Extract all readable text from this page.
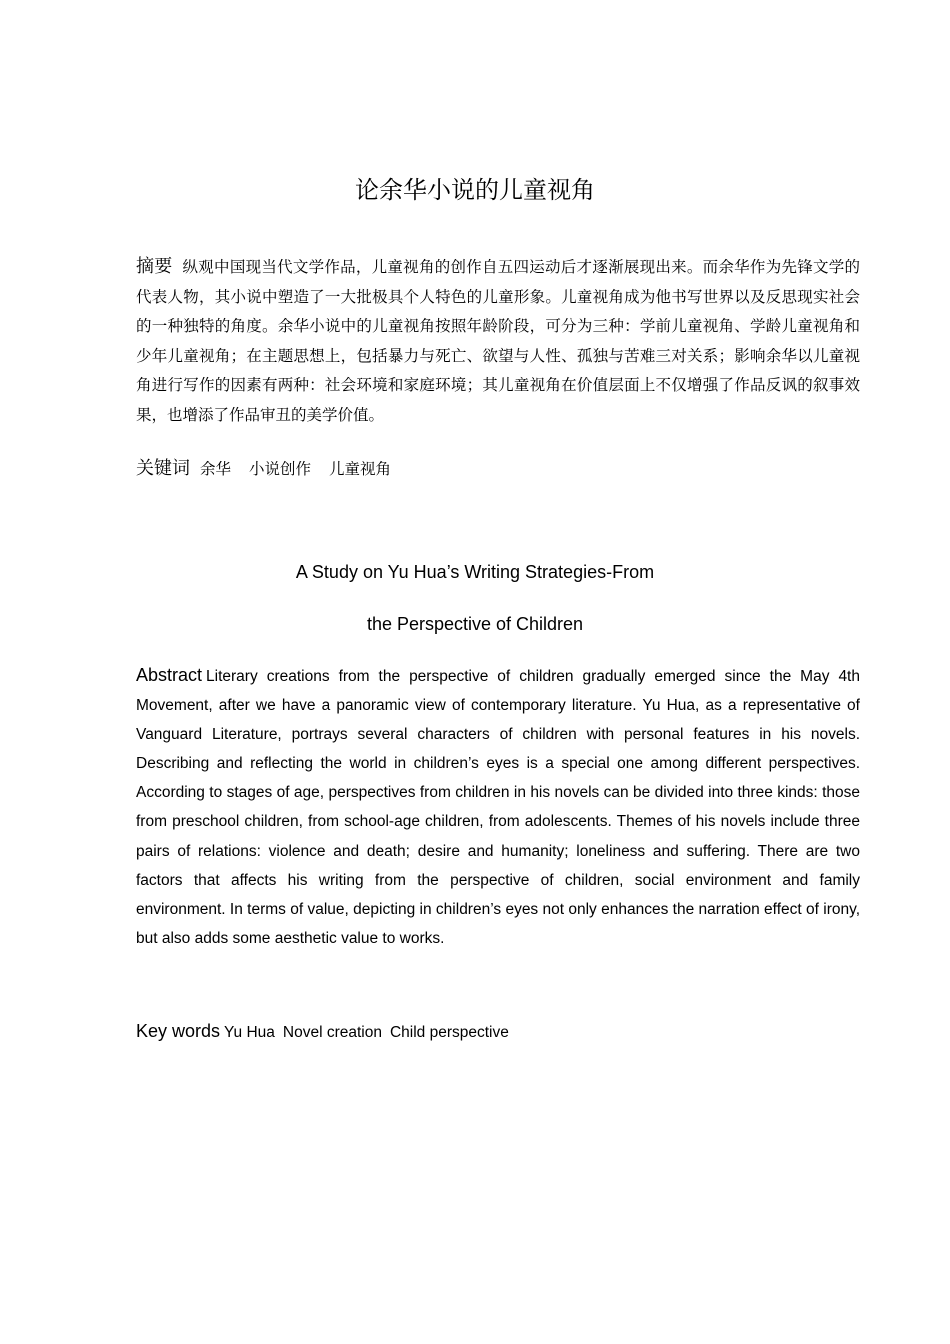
论余华小说的儿童视角
摘要 纵观中国现当代文学作品，儿童视角的创作自五四运动后才逐渐展现出来。而余华作为先锋文学的代表人物，其小说中塑造了一大批极具个人特色的儿童形象。儿童视角成为他书写世界以及反思现实社会的一种独特的角度。余华小说中的儿童视角按照年龄阶段，可分为三种：学前儿童视角、学龄儿童视角和少年儿童视角；在主题思想上，包括暴力与死亡、欲望与人性、孤独与苦难三对关系；影响余华以儿童视角进行写作的因素有两种：社会环境和家庭环境；其儿童视角在价值层面上不仅增强了作品反讽的叙事效果，也增添了作品审丑的美学价值。
关键词 余华 小说创作 儿童视角
A Study on Yu Hua’s Writing Strategies-From
the Perspective of Children
Abstract Literary creations from the perspective of children gradually emerged since the May 4th Movement, after we have a panoramic view of contemporary literature. Yu Hua, as a representative of Vanguard Literature, portrays several characters of children with personal features in his novels. Describing and reflecting the world in children’s eyes is a special one among different perspectives. According to stages of age, perspectives from children in his novels can be divided into three kinds: those from preschool children, from school-age children, from adolescents. Themes of his novels include three pairs of relations: violence and death; desire and humanity; loneliness and suffering. There are two factors that affects his writing from the perspective of children, social environment and family environment. In terms of value, depicting in children’s eyes not only enhances the narration effect of irony, but also adds some aesthetic value to works.
Key words Yu Hua Novel creation Child perspective
